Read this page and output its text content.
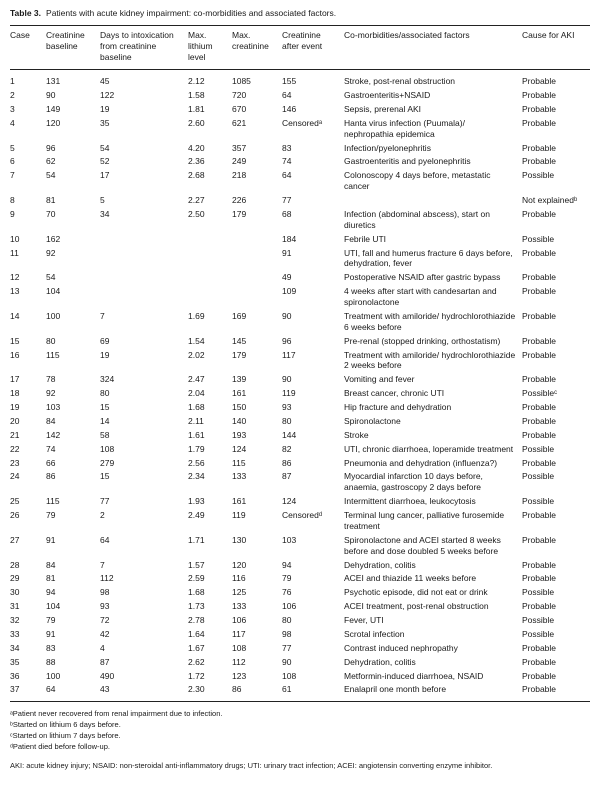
Table 3. Patients with acute kidney impairment: co-morbidities and associated factors.
Case	Creatinine baseline	Days to intoxication from creatinine baseline	Max. lithium level	Max. creatinine	Creatinine after event	Co-morbidities/associated factors	Cause for AKI
1	131	45	2.12	1085	155	Stroke, post-renal obstruction	Probable
2	90	122	1.58	720	64	Gastroenteritis+NSAID	Probable
3	149	19	1.81	670	146	Sepsis, prerenal AKI	Probable
4	120	35	2.60	621	Censoredᵃ	Hanta virus infection (Puumala)/ nephropathia epidemica	Probable
5	96	54	4.20	357	83	Infection/pyelonephritis	Probable
6	62	52	2.36	249	74	Gastroenteritis and pyelonephritis	Probable
7	54	17	2.68	218	64	Colonoscopy 4 days before, metastatic cancer	Possible
8	81	5	2.27	226	77		Not explainedᵇ
9	70	34	2.50	179	68	Infection (abdominal abscess), start on diuretics	Probable
10	162				184	Febrile UTI	Possible
11	92				91	UTI, fall and humerus fracture 6 days before, dehydration, fever	Probable
12	54				49	Postoperative NSAID after gastric bypass	Probable
13	104				109	4 weeks after start with candesartan and spironolactone	Probable
14	100	7	1.69	169	90	Treatment with amiloride/ hydrochlorothiazide 6 weeks before	Probable
15	80	69	1.54	145	96	Pre-renal (stopped drinking, orthostatism)	Probable
16	115	19	2.02	179	117	Treatment with amiloride/ hydrochlorothiazide 2 weeks before	Probable
17	78	324	2.47	139	90	Vomiting and fever	Probable
18	92	80	2.04	161	119	Breast cancer, chronic UTI	Possibleᶜ
19	103	15	1.68	150	93	Hip fracture and dehydration	Probable
20	84	14	2.11	140	80	Spironolactone	Probable
21	142	58	1.61	193	144	Stroke	Probable
22	74	108	1.79	124	82	UTI, chronic diarrhoea, loperamide treatment	Possible
23	66	279	2.56	115	86	Pneumonia and dehydration (influenza?)	Probable
24	86	15	2.34	133	87	Myocardial infarction 10 days before, anaemia, gastroscopy 2 days before	Possible
25	115	77	1.93	161	124	Intermittent diarrhoea, leukocytosis	Possible
26	79	2	2.49	119	Censoredᵈ	Terminal lung cancer, palliative furosemide treatment	Probable
27	91	64	1.71	130	103	Spironolactone and ACEI started 8 weeks before and dose doubled 5 weeks before	Probable
28	84	7	1.57	120	94	Dehydration, colitis	Probable
29	81	112	2.59	116	79	ACEI and thiazide 11 weeks before	Probable
30	94	98	1.68	125	76	Psychotic episode, did not eat or drink	Possible
31	104	93	1.73	133	106	ACEI treatment, post-renal obstruction	Probable
32	79	72	2.78	106	80	Fever, UTI	Possible
33	91	42	1.64	117	98	Scrotal infection	Possible
34	83	4	1.67	108	77	Contrast induced nephropathy	Probable
35	88	87	2.62	112	90	Dehydration, colitis	Probable
36	100	490	1.72	123	108	Metformin-induced diarrhoea, NSAID	Probable
37	64	43	2.30	86	61	Enalapril one month before	Probable
ᵃPatient never recovered from renal impairment due to infection.
ᵇStarted on lithium 6 days before.
ᶜStarted on lithium 7 days before.
ᵈPatient died before follow-up.
AKI: acute kidney injury; NSAID: non-steroidal anti-inflammatory drugs; UTI: urinary tract infection; ACEI: angiotensin converting enzyme inhibitor.
